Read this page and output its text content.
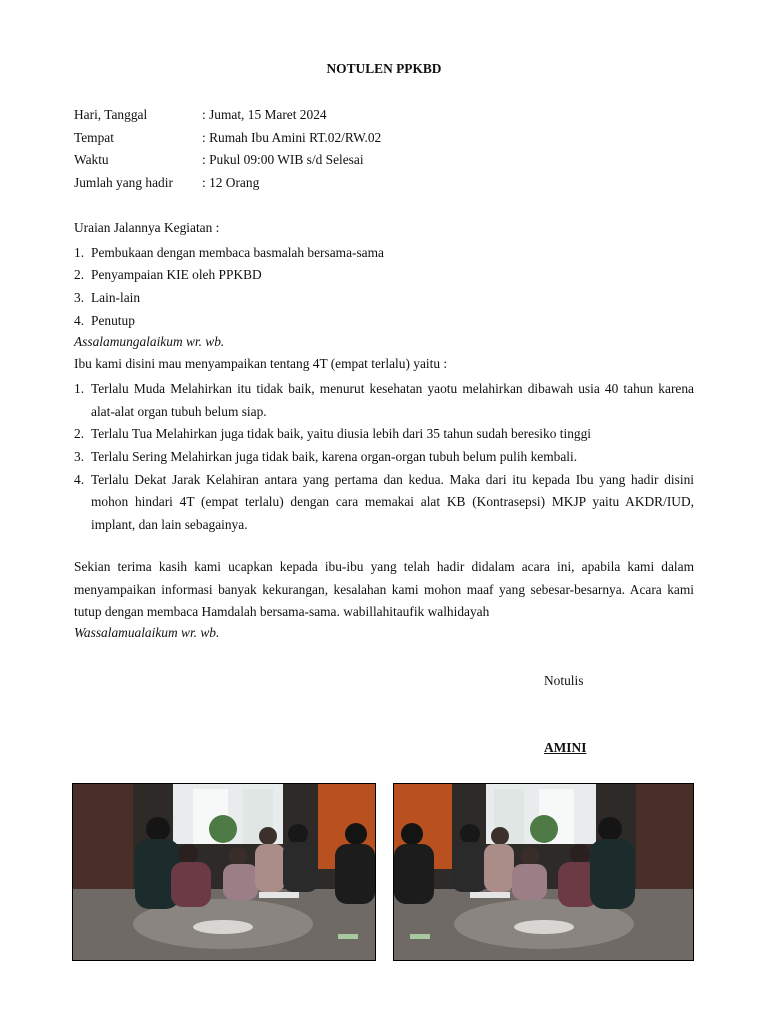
NOTULEN PPKBD
Hari, Tanggal	: Jumat, 15 Maret 2024
Tempat	: Rumah Ibu Amini RT.02/RW.02
Waktu	: Pukul 09:00 WIB s/d Selesai
Jumlah yang hadir : 12 Orang
Uraian Jalannya Kegiatan :
1. Pembukaan dengan membaca basmalah bersama-sama
2. Penyampaian KIE oleh PPKBD
3. Lain-lain
4. Penutup
Assalamungalaikum wr. wb.
Ibu kami disini mau menyampaikan tentang 4T (empat terlalu) yaitu :
1. Terlalu Muda Melahirkan itu tidak baik, menurut kesehatan yaotu melahirkan dibawah usia 40 tahun karena alat-alat organ tubuh belum siap.
2. Terlalu Tua Melahirkan juga tidak baik, yaitu diusia lebih dari 35 tahun sudah beresiko tinggi
3. Terlalu Sering Melahirkan juga tidak baik, karena organ-organ tubuh belum pulih kembali.
4. Terlalu Dekat Jarak Kelahiran antara yang pertama dan kedua. Maka dari itu kepada Ibu yang hadir disini mohon hindari 4T (empat terlalu) dengan cara memakai alat KB (Kontrasepsi) MKJP yaitu AKDR/IUD, implant, dan lain sebagainya.
Sekian terima kasih kami ucapkan kepada ibu-ibu yang telah hadir didalam acara ini, apabila kami dalam menyampaikan informasi banyak kekurangan, kesalahan kami mohon maaf yang sebesar-besarnya. Acara kami tutup dengan membaca Hamdalah bersama-sama. wabillahitaufik walhidayah
Wassalamualaikum wr. wb.
Notulis
AMINI
